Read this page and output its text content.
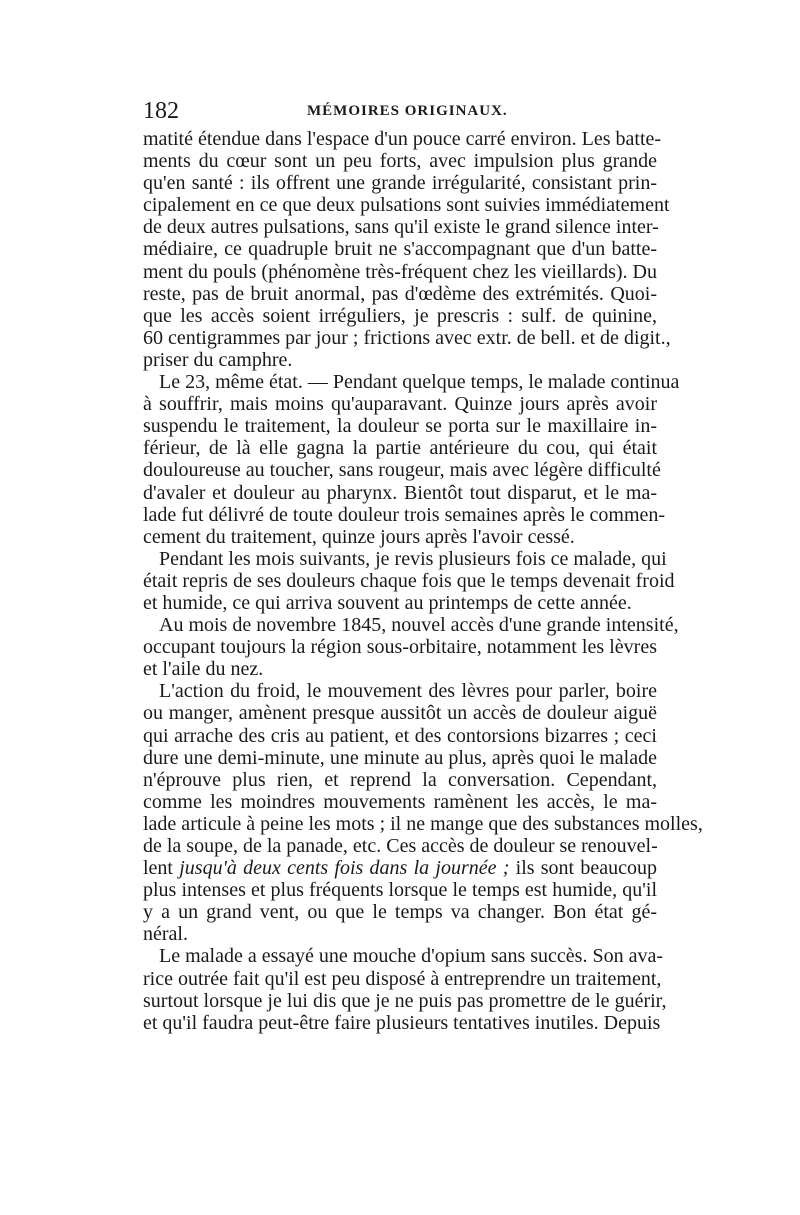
182	MÉMOIRES ORIGINAUX.
matité étendue dans l'espace d'un pouce carré environ. Les batte-
ments du cœur sont un peu forts, avec impulsion plus grande
qu'en santé : ils offrent une grande irrégularité, consistant prin-
cipalement en ce que deux pulsations sont suivies immédiatement
de deux autres pulsations, sans qu'il existe le grand silence inter-
médiaire, ce quadruple bruit ne s'accompagnant que d'un batte-
ment du pouls (phénomène très-fréquent chez les vieillards). Du
reste, pas de bruit anormal, pas d'œdème des extrémités. Quoi-
que les accès soient irréguliers, je prescris : sulf. de quinine,
60 centigrammes par jour ; frictions avec extr. de bell. et de digit.,
priser du camphre.
Le 23, même état. — Pendant quelque temps, le malade continua
à souffrir, mais moins qu'auparavant. Quinze jours après avoir
suspendu le traitement, la douleur se porta sur le maxillaire in-
férieur, de là elle gagna la partie antérieure du cou, qui était
douloureuse au toucher, sans rougeur, mais avec légère difficulté
d'avaler et douleur au pharynx. Bientôt tout disparut, et le ma-
lade fut délivré de toute douleur trois semaines après le commen-
cement du traitement, quinze jours après l'avoir cessé.
Pendant les mois suivants, je revis plusieurs fois ce malade, qui
était repris de ses douleurs chaque fois que le temps devenait froid
et humide, ce qui arriva souvent au printemps de cette année.
Au mois de novembre 1845, nouvel accès d'une grande intensité,
occupant toujours la région sous-orbitaire, notamment les lèvres
et l'aile du nez.
L'action du froid, le mouvement des lèvres pour parler, boire
ou manger, amènent presque aussitôt un accès de douleur aiguë
qui arrache des cris au patient, et des contorsions bizarres ; ceci
dure une demi-minute, une minute au plus, après quoi le malade
n'éprouve plus rien, et reprend la conversation. Cependant,
comme les moindres mouvements ramènent les accès, le ma-
lade articule à peine les mots ; il ne mange que des substances molles,
de la soupe, de la panade, etc. Ces accès de douleur se renouvel-
lent jusqu'à deux cents fois dans la journée ; ils sont beaucoup
plus intenses et plus fréquents lorsque le temps est humide, qu'il
y a un grand vent, ou que le temps va changer. Bon état gé-
néral.
Le malade a essayé une mouche d'opium sans succès. Son ava-
rice outrée fait qu'il est peu disposé à entreprendre un traitement,
surtout lorsque je lui dis que je ne puis pas promettre de le guérir,
et qu'il faudra peut-être faire plusieurs tentatives inutiles. Depuis
